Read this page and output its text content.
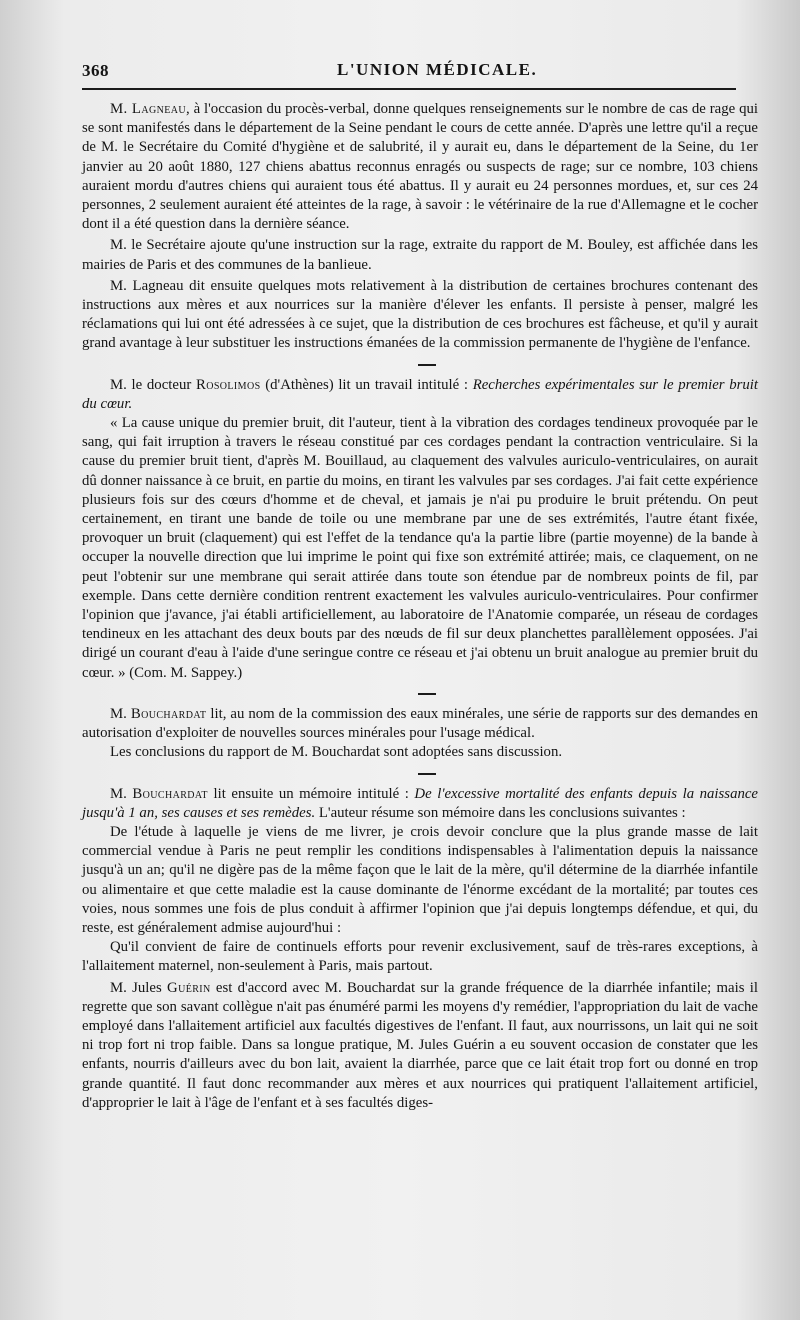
368	L'UNION MÉDICALE.

M. Lagneau, à l'occasion du procès-verbal, donne quelques renseignements sur le nombre de cas de rage qui se sont manifestés dans le département de la Seine pendant le cours de cette année. D'après une lettre qu'il a reçue de M. le Secrétaire du Comité d'hygiène et de salubrité, il y aurait eu, dans le département de la Seine, du 1er janvier au 20 août 1880, 127 chiens abattus reconnus enragés ou suspects de rage; sur ce nombre, 103 chiens auraient mordu d'autres chiens qui auraient tous été abattus. Il y aurait eu 24 personnes mordues, et, sur ces 24 personnes, 2 seulement auraient été atteintes de la rage, à savoir : le vétérinaire de la rue d'Allemagne et le cocher dont il a été question dans la dernière séance.

M. le Secrétaire ajoute qu'une instruction sur la rage, extraite du rapport de M. Bouley, est affichée dans les mairies de Paris et des communes de la banlieue.

M. Lagneau dit ensuite quelques mots relativement à la distribution de certaines brochures contenant des instructions aux mères et aux nourrices sur la manière d'élever les enfants. Il persiste à penser, malgré les réclamations qui lui ont été adressées à ce sujet, que la distribution de ces brochures est fâcheuse, et qu'il y aurait grand avantage à leur substituer les instructions émanées de la commission permanente de l'hygiène de l'enfance.

M. le docteur Rosolimos (d'Athènes) lit un travail intitulé : Recherches expérimentales sur le premier bruit du cœur.

« La cause unique du premier bruit, dit l'auteur, tient à la vibration des cordages tendineux provoquée par le sang, qui fait irruption à travers le réseau constitué par ces cordages pendant la contraction ventriculaire. Si la cause du premier bruit tient, d'après M. Bouillaud, au claquement des valvules auriculo-ventriculaires, on aurait dû donner naissance à ce bruit, en partie du moins, en tirant les valvules par ses cordages. J'ai fait cette expérience plusieurs fois sur des cœurs d'homme et de cheval, et jamais je n'ai pu produire le bruit prétendu. On peut certainement, en tirant une bande de toile ou une membrane par une de ses extrémités, l'autre étant fixée, provoquer un bruit (claquement) qui est l'effet de la tendance qu'a la partie libre (partie moyenne) de la bande à occuper la nouvelle direction que lui imprime le point qui fixe son extrémité attirée; mais, ce claquement, on ne peut l'obtenir sur une membrane qui serait attirée dans toute son étendue par de nombreux points de fil, par exemple. Dans cette dernière condition rentrent exactement les valvules auriculo-ventriculaires. Pour confirmer l'opinion que j'avance, j'ai établi artificiellement, au laboratoire de l'Anatomie comparée, un réseau de cordages tendineux en les attachant des deux bouts par des nœuds de fil sur deux planchettes parallèlement opposées. J'ai dirigé un courant d'eau à l'aide d'une seringue contre ce réseau et j'ai obtenu un bruit analogue au premier bruit du cœur. » (Com. M. Sappey.)

M. Bouchardat lit, au nom de la commission des eaux minérales, une série de rapports sur des demandes en autorisation d'exploiter de nouvelles sources minérales pour l'usage médical.

Les conclusions du rapport de M. Bouchardat sont adoptées sans discussion.

M. Bouchardat lit ensuite un mémoire intitulé : De l'excessive mortalité des enfants depuis la naissance jusqu'à 1 an, ses causes et ses remèdes. L'auteur résume son mémoire dans les conclusions suivantes :

De l'étude à laquelle je viens de me livrer, je crois devoir conclure que la plus grande masse de lait commercial vendue à Paris ne peut remplir les conditions indispensables à l'alimentation depuis la naissance jusqu'à un an; qu'il ne digère pas de la même façon que le lait de la mère, qu'il détermine de la diarrhée infantile ou alimentaire et que cette maladie est la cause dominante de l'énorme excédant de la mortalité; par toutes ces voies, nous sommes une fois de plus conduit à affirmer l'opinion que j'ai depuis longtemps défendue, et qui, du reste, est généralement admise aujourd'hui :

Qu'il convient de faire de continuels efforts pour revenir exclusivement, sauf de très-rares exceptions, à l'allaitement maternel, non-seulement à Paris, mais partout.

M. Jules Guérin est d'accord avec M. Bouchardat sur la grande fréquence de la diarrhée infantile; mais il regrette que son savant collègue n'ait pas énuméré parmi les moyens d'y remédier, l'appropriation du lait de vache employé dans l'allaitement artificiel aux facultés digestives de l'enfant. Il faut, aux nourrissons, un lait qui ne soit ni trop fort ni trop faible. Dans sa longue pratique, M. Jules Guérin a eu souvent occasion de constater que les enfants, nourris d'ailleurs avec du bon lait, avaient la diarrhée, parce que ce lait était trop fort ou donné en trop grande quantité. Il faut donc recommander aux mères et aux nourrices qui pratiquent l'allaitement artificiel, d'approprier le lait à l'âge de l'enfant et à ses facultés diges-
